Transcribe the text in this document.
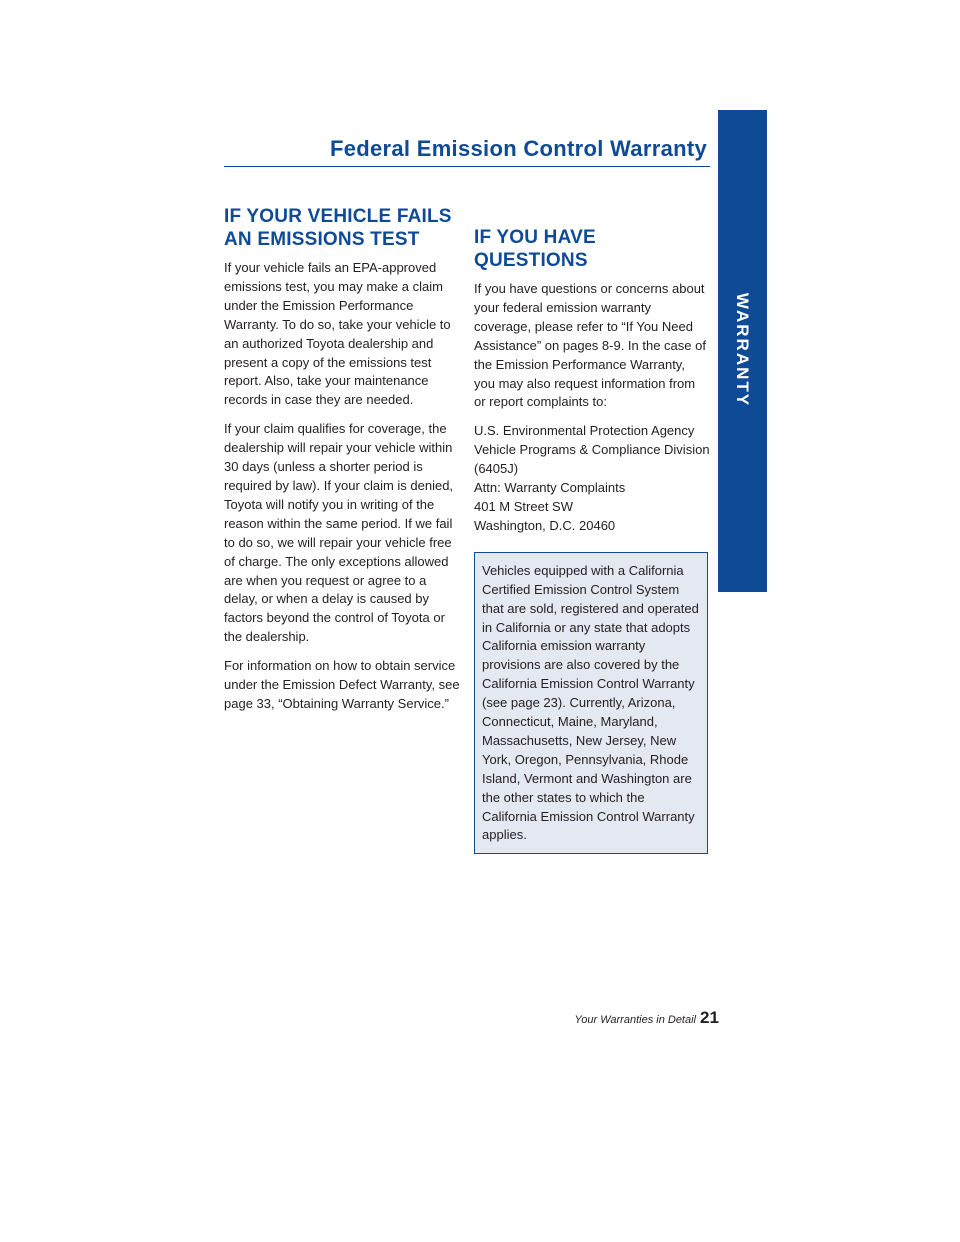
WARRANTY
Federal Emission Control Warranty
IF YOUR VEHICLE FAILS
AN EMISSIONS TEST

If your vehicle fails an EPA-approved emissions test, you may make a claim under the Emission Performance Warranty. To do so, take your vehicle to an authorized Toyota dealership and present a copy of the emissions test report. Also, take your maintenance records in case they are needed.

If your claim qualifies for coverage, the dealership will repair your vehicle within 30 days (unless a shorter period is required by law). If your claim is denied, Toyota will notify you in writing of the reason within the same period. If we fail to do so, we will repair your vehicle free of charge. The only exceptions allowed are when you request or agree to a delay, or when a delay is caused by factors beyond the control of Toyota or the dealership.

For information on how to obtain service under the Emission Defect Warranty, see page 33, “Obtaining Warranty Service.”

IF YOU HAVE QUESTIONS

If you have questions or concerns about your federal emission warranty coverage, please refer to “If You Need Assistance” on pages 8-9. In the case of the Emission Performance Warranty, you may also request information from or report complaints to:

U.S. Environmental Protection Agency
Vehicle Programs & Compliance Division
(6405J)
Attn: Warranty Complaints
401 M Street SW
Washington, D.C. 20460
Vehicles equipped with a California Certified Emission Control System that are sold, registered and operated in California or any state that adopts California emission warranty provisions are also covered by the California Emission Control Warranty (see page 23). Currently, Arizona, Connecticut, Maine, Maryland, Massachusetts, New Jersey, New York, Oregon, Pennsylvania, Rhode Island, Vermont and Washington are the other states to which the California Emission Control Warranty applies.
Your Warranties in Detail 21
